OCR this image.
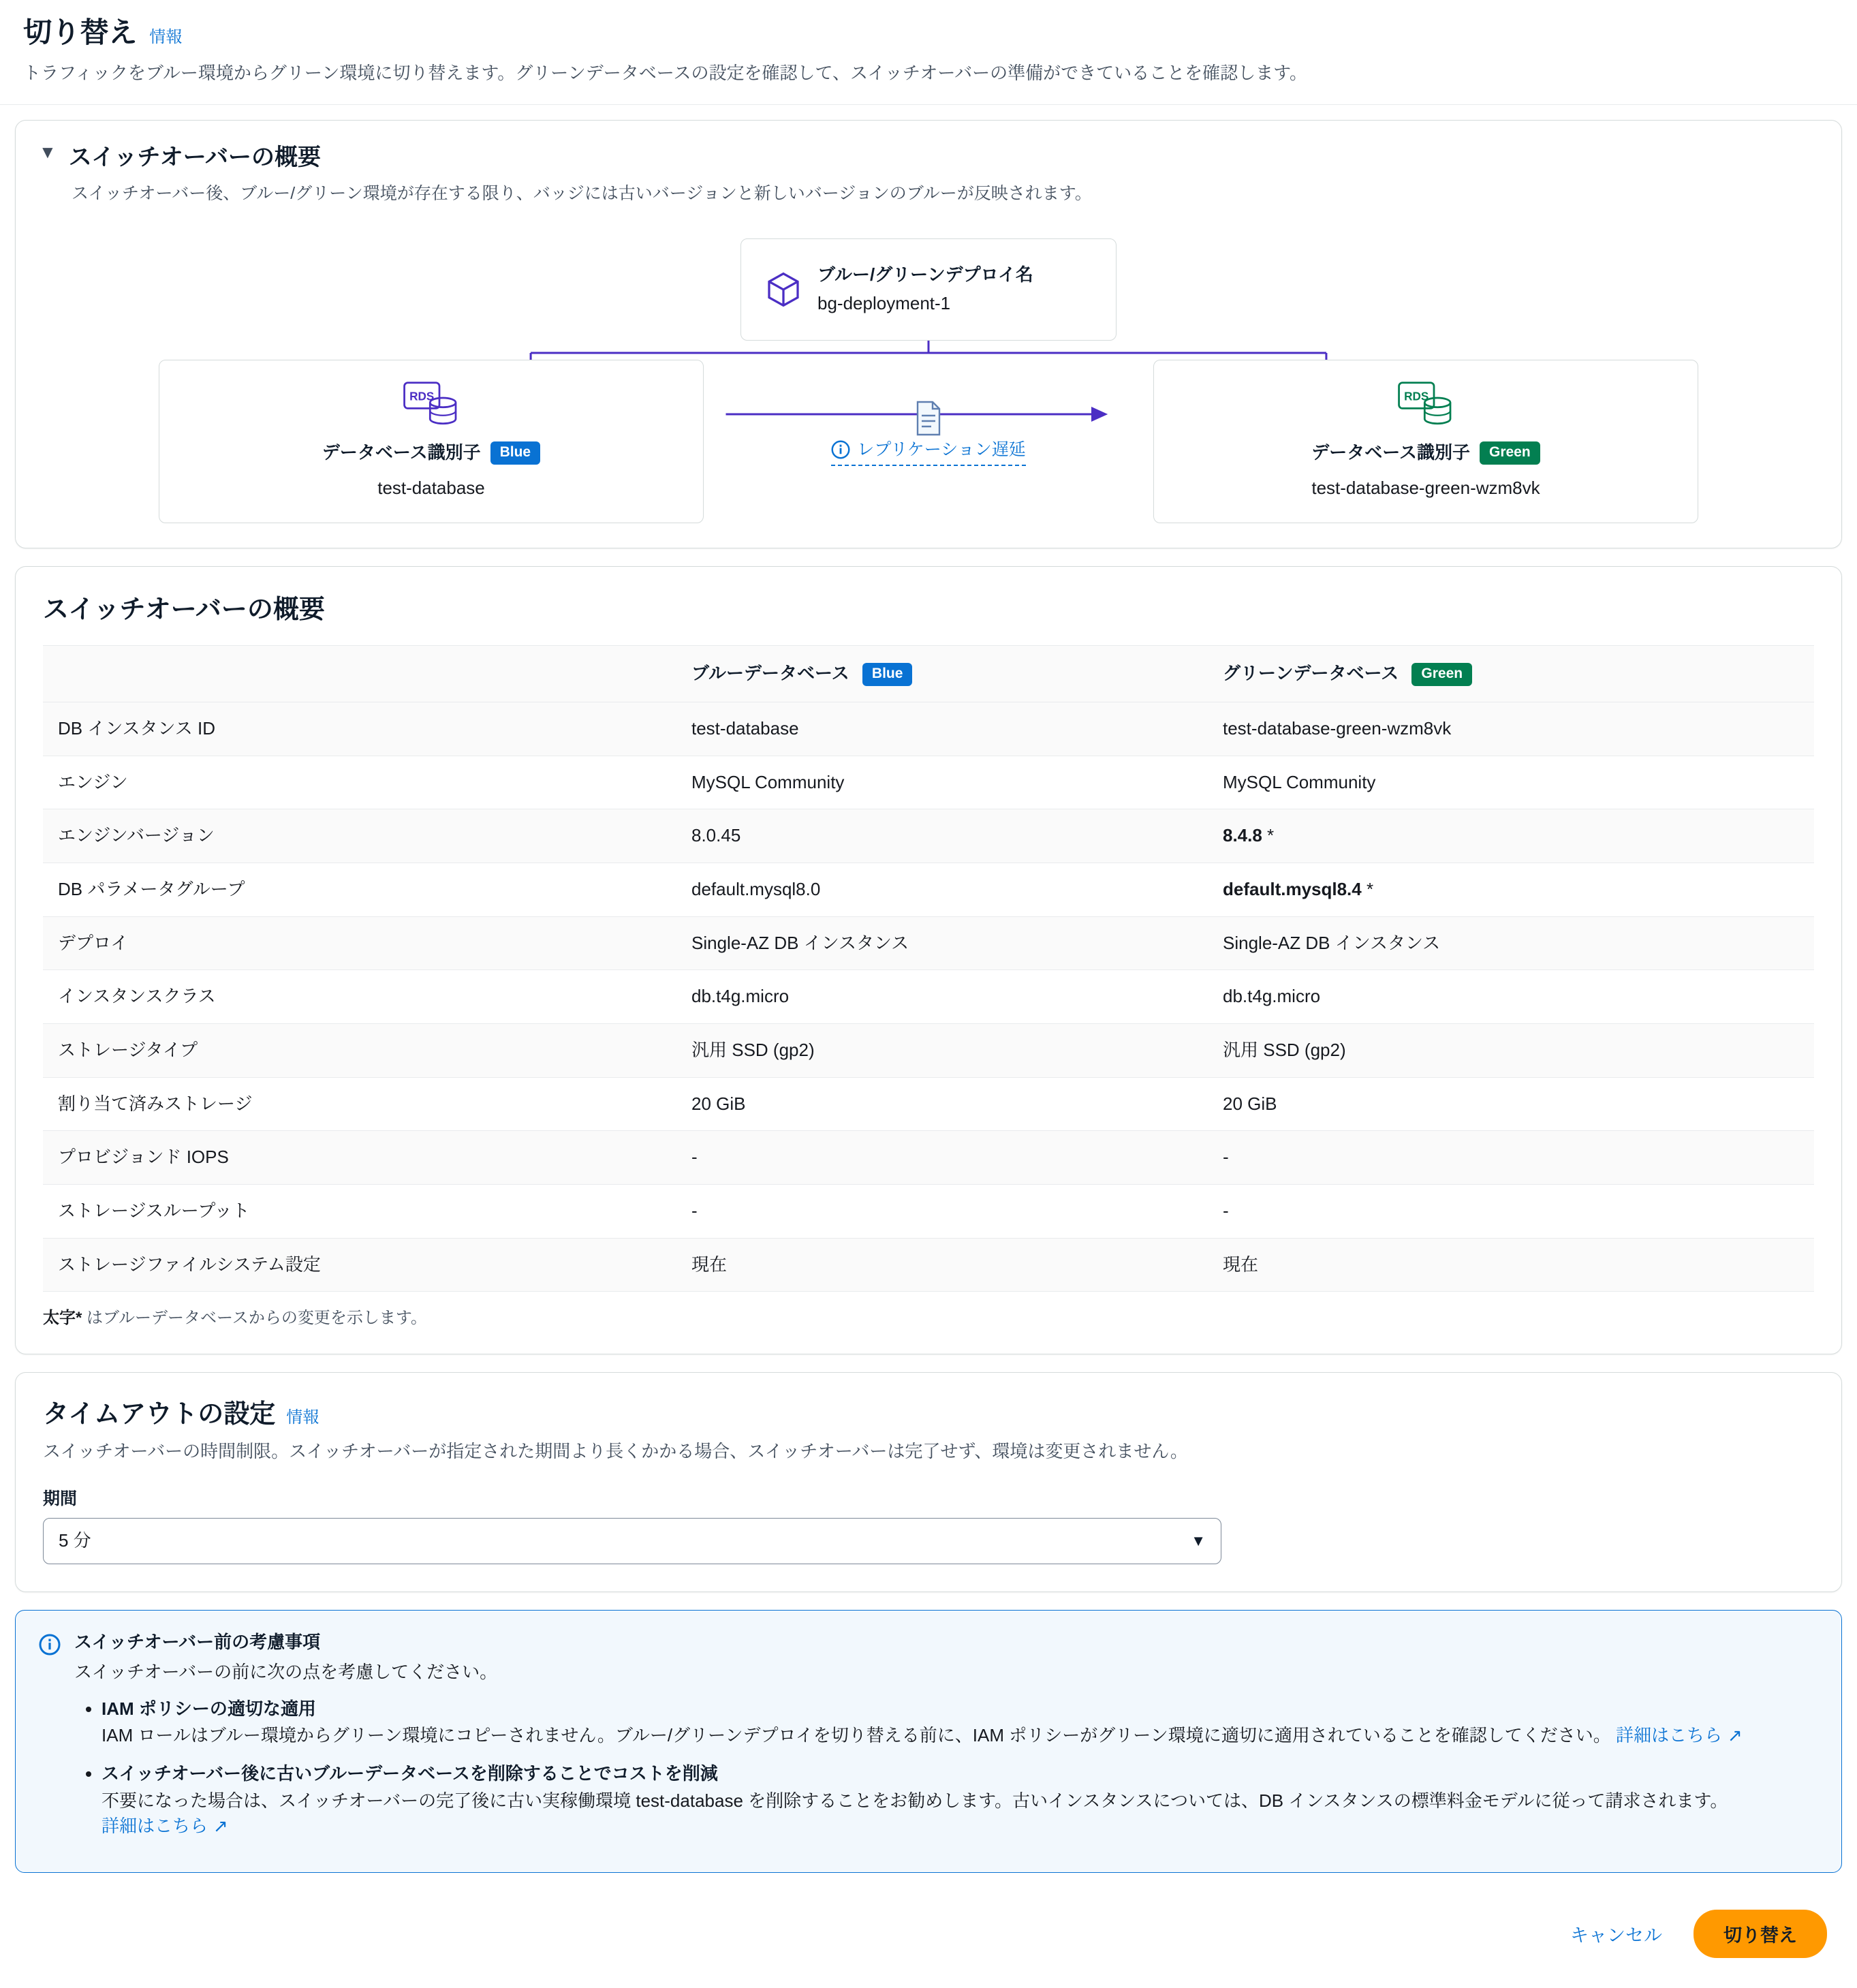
切り替え 情報
トラフィックをブルー環境からグリーン環境に切り替えます。グリーンデータベースの設定を確認して、スイッチオーバーの準備ができていることを確認します。
▼ スイッチオーバーの概要
スイッチオーバー後、ブルー/グリーン環境が存在する限り、バッジには古いバージョンと新しいバージョンのブルーが反映されます。
ブルー/グリーンデプロイ名
bg-deployment-1
RDS
データベース識別子	Blue
test-database
RDS
データベース識別子	Green
test-database-green-wzm8vk
レプリケーション遅延
スイッチオーバーの概要
	ブルーデータベース Blue	グリーンデータベース Green
DB インスタンス ID	test-database	test-database-green-wzm8vk
エンジン	MySQL Community	MySQL Community
エンジンバージョン	8.0.45	8.4.8 *
DB パラメータグループ	default.mysql8.0	default.mysql8.4 *
デプロイ	Single-AZ DB インスタンス	Single-AZ DB インスタンス
インスタンスクラス	db.t4g.micro	db.t4g.micro
ストレージタイプ	汎用 SSD (gp2)	汎用 SSD (gp2)
割り当て済みストレージ	20 GiB	20 GiB
プロビジョンド IOPS	-	-
ストレージスループット	-	-
ストレージファイルシステム設定	現在	現在
太字* はブルーデータベースからの変更を示します。
タイムアウトの設定 情報
スイッチオーバーの時間制限。スイッチオーバーが指定された期間より長くかかる場合、スイッチオーバーは完了せず、環境は変更されません。
期間
5 分	▼
スイッチオーバー前の考慮事項
スイッチオーバーの前に次の点を考慮してください。
• IAM ポリシーの適切な適用
IAM ロールはブルー環境からグリーン環境にコピーされません。ブルー/グリーンデプロイを切り替える前に、IAM ポリシーがグリーン環境に適切に適用されていることを確認してください。 詳細はこちら ↗
• スイッチオーバー後に古いブルーデータベースを削除することでコストを削減
不要になった場合は、スイッチオーバーの完了後に古い実稼働環境 test-database を削除することをお勧めします。古いインスタンスについては、DB インスタンスの標準料金モデルに従って請求されます。 詳細はこちら ↗
キャンセル	切り替え
